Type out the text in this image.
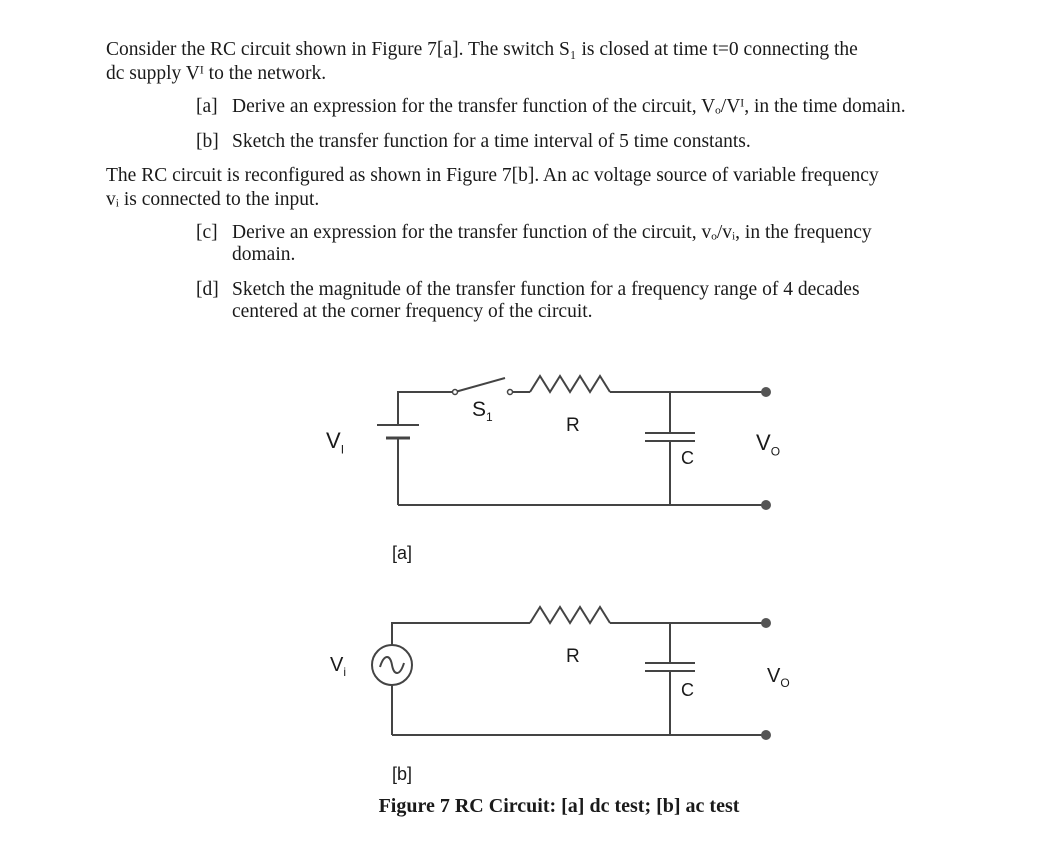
Consider the RC circuit shown in Figure 7[a]. The switch S₁ is closed at time t=0 connecting the
dc supply Vᴵ to the network.
[a] Derive an expression for the transfer function of the circuit, Vₒ/Vᴵ, in the time domain.
[b] Sketch the transfer function for a time interval of 5 time constants.
The RC circuit is reconfigured as shown in Figure 7[b]. An ac voltage source of variable frequency
vᵢ is connected to the input.
[c] Derive an expression for the transfer function of the circuit, vₒ/vᵢ, in the frequency
domain.
[d] Sketch the magnitude of the transfer function for a frequency range of 4 decades
centered at the corner frequency of the circuit.
$V_I$
$S_1$	R
C
$V_O$
[a]
$V_i$
R
C
$V_O$
[b]
Figure 7 RC Circuit: [a] dc test; [b] ac test
